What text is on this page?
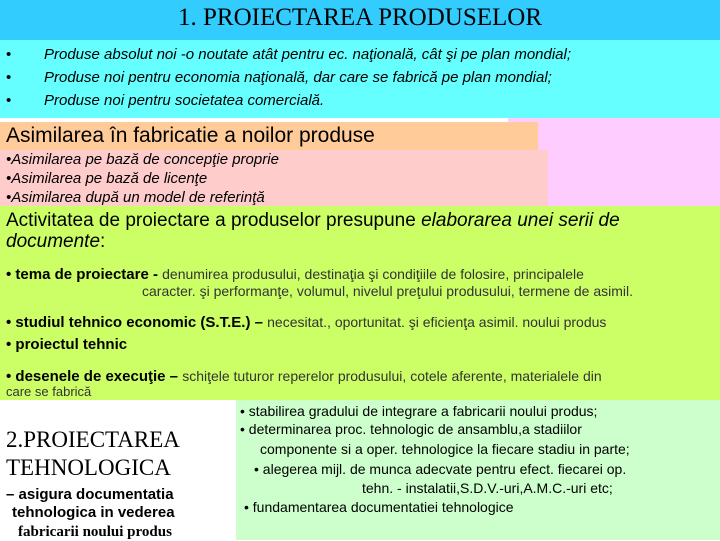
1. PROIECTAREA PRODUSELOR
• Produse absolut noi -o noutate atât pentru ec. naţională, cât şi pe plan mondial;
• Produse noi pentru economia naţională, dar care se fabrică pe plan mondial;
• Produse noi pentru societatea comercială.
Asimilarea în fabricatie a noilor produse
•Asimilarea pe bază de concepţie proprie
•Asimilarea pe bază de licenţe
•Asimilarea după un model de referinţă
Activitatea de proiectare a produselor presupune elaborarea unei serii de documente:
• tema de proiectare - denumirea produsului, destinaţia şi condiţiile de folosire, principalele
caracter. şi performanţe, volumul, nivelul preţului produsului, termene de asimil.
• studiul tehnico economic (S.T.E.) – necesitat., oportunitat. şi eficienţa asimil. noului produs
• proiectul tehnic
• desenele de execuţie – schiţele tuturor reperelor produsului, cotele aferente, materialele din
care se fabrică
• stabilirea gradului de integrare a fabricarii noului produs;
• determinarea proc. tehnologic de ansamblu,a stadiilor
componente si a oper. tehnologice la fiecare stadiu in parte;
• alegerea mijl. de munca adecvate pentru efect. fiecarei op.
tehn. - instalatii,S.D.V.-uri,A.M.C.-uri etc;
• fundamentarea documentatiei tehnologice
2.PROIECTAREA
TEHNOLOGICA
– asigura documentatia
tehnologica in vederea
fabricarii noului produs
